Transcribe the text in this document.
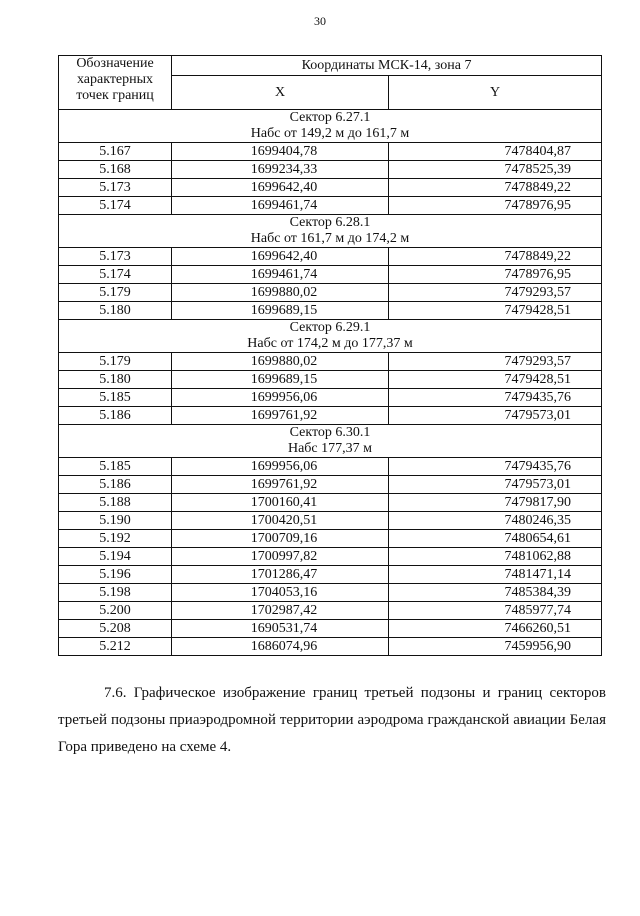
30
Обозначение характерных точек границ	Координаты МСК-14, зона 7	
	X	Y

Сектор 6.27.1
Набс от 149,2 м до 161,7 м		

5.167	1699404,78	7478404,87
5.168	1699234,33	7478525,39
5.173	1699642,40	7478849,22
5.174	1699461,74	7478976,95

Сектор 6.28.1
Набс от 161,7 м до 174,2 м		

5.173	1699642,40	7478849,22
5.174	1699461,74	7478976,95
5.179	1699880,02	7479293,57
5.180	1699689,15	7479428,51

Сектор 6.29.1
Набс от 174,2 м до 177,37 м		

5.179	1699880,02	7479293,57
5.180	1699689,15	7479428,51
5.185	1699956,06	7479435,76
5.186	1699761,92	7479573,01

Сектор 6.30.1
Набс 177,37 м		

5.185	1699956,06	7479435,76
5.186	1699761,92	7479573,01
5.188	1700160,41	7479817,90
5.190	1700420,51	7480246,35
5.192	1700709,16	7480654,61
5.194	1700997,82	7481062,88
5.196	1701286,47	7481471,14
5.198	1704053,16	7485384,39
5.200	1702987,42	7485977,74
5.208	1690531,74	7466260,51
5.212	1686074,96	7459956,90
7.6. Графическое изображение границ третьей подзоны и границ секторов третьей подзоны приаэродромной территории аэродрома гражданской авиации Белая Гора приведено на схеме 4.
